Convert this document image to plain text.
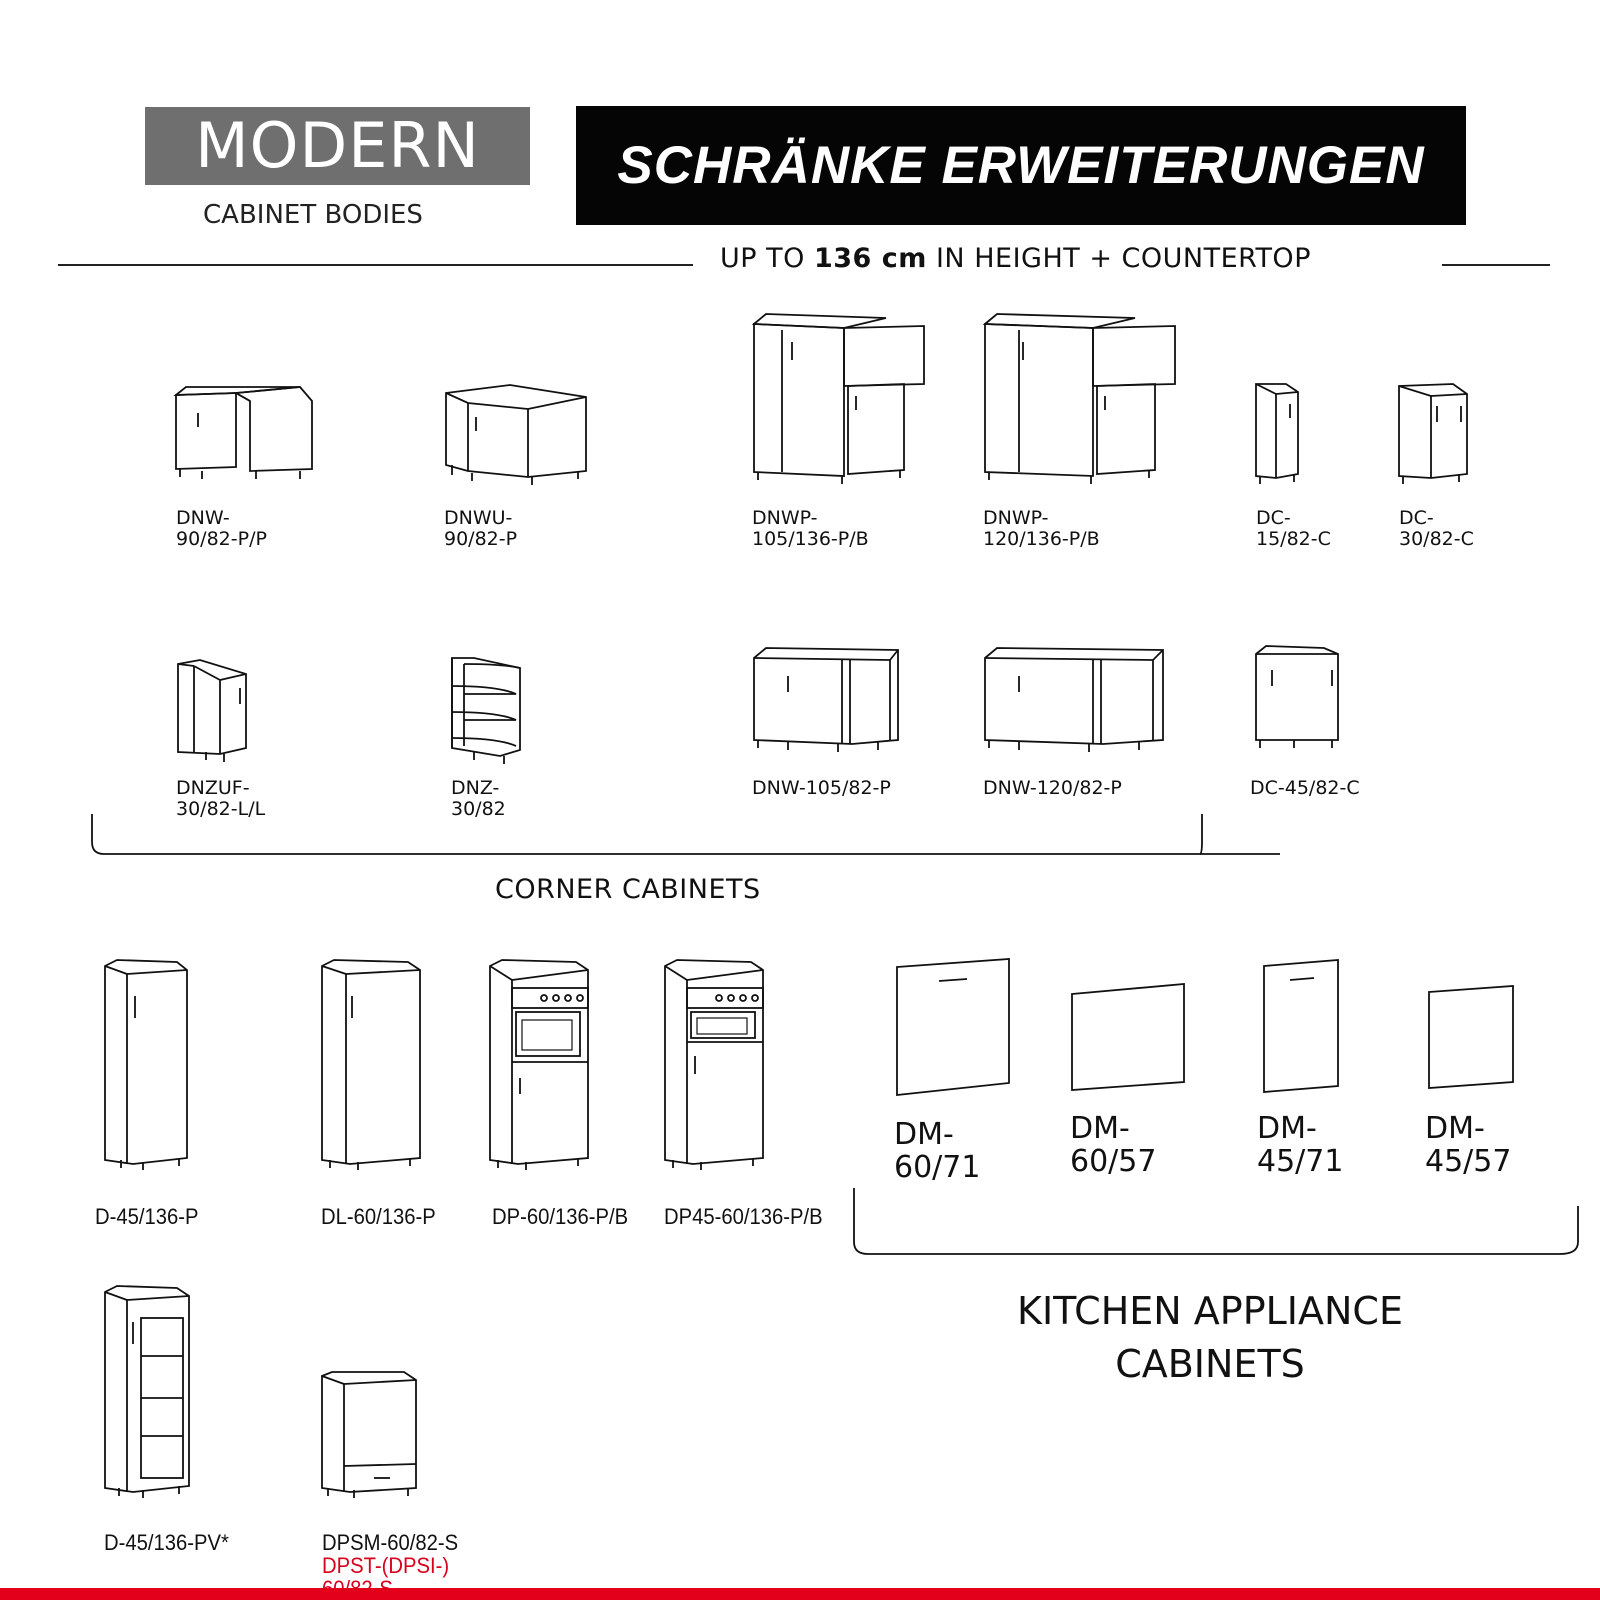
MODERN
CABINET BODIES
SCHRÄNKE ERWEITERUNGEN
UP TO 136 cm IN HEIGHT + COUNTERTOP
DNW-
90/82-P/P
DNWU-
90/82-P
DNWP-
105/136-P/B
DNWP-
120/136-P/B
DC-
15/82-C
DC-
30/82-C
DNZUF-
30/82-L/L
DNZ-
30/82
DNW-105/82-P	DNW-120/82-P	DC-45/82-C
CORNER CABINETS
D-45/136-P	DL-60/136-P	DP-60/136-P/B DP45-60/136-P/B
D-45/136-PV*	DPSM-60/82-S
DPST-(DPSI-)
DM-
60/71
DM-
60/57
DM-
45/71
DM-
45/57
KITCHEN APPLIANCE
CABINETS
